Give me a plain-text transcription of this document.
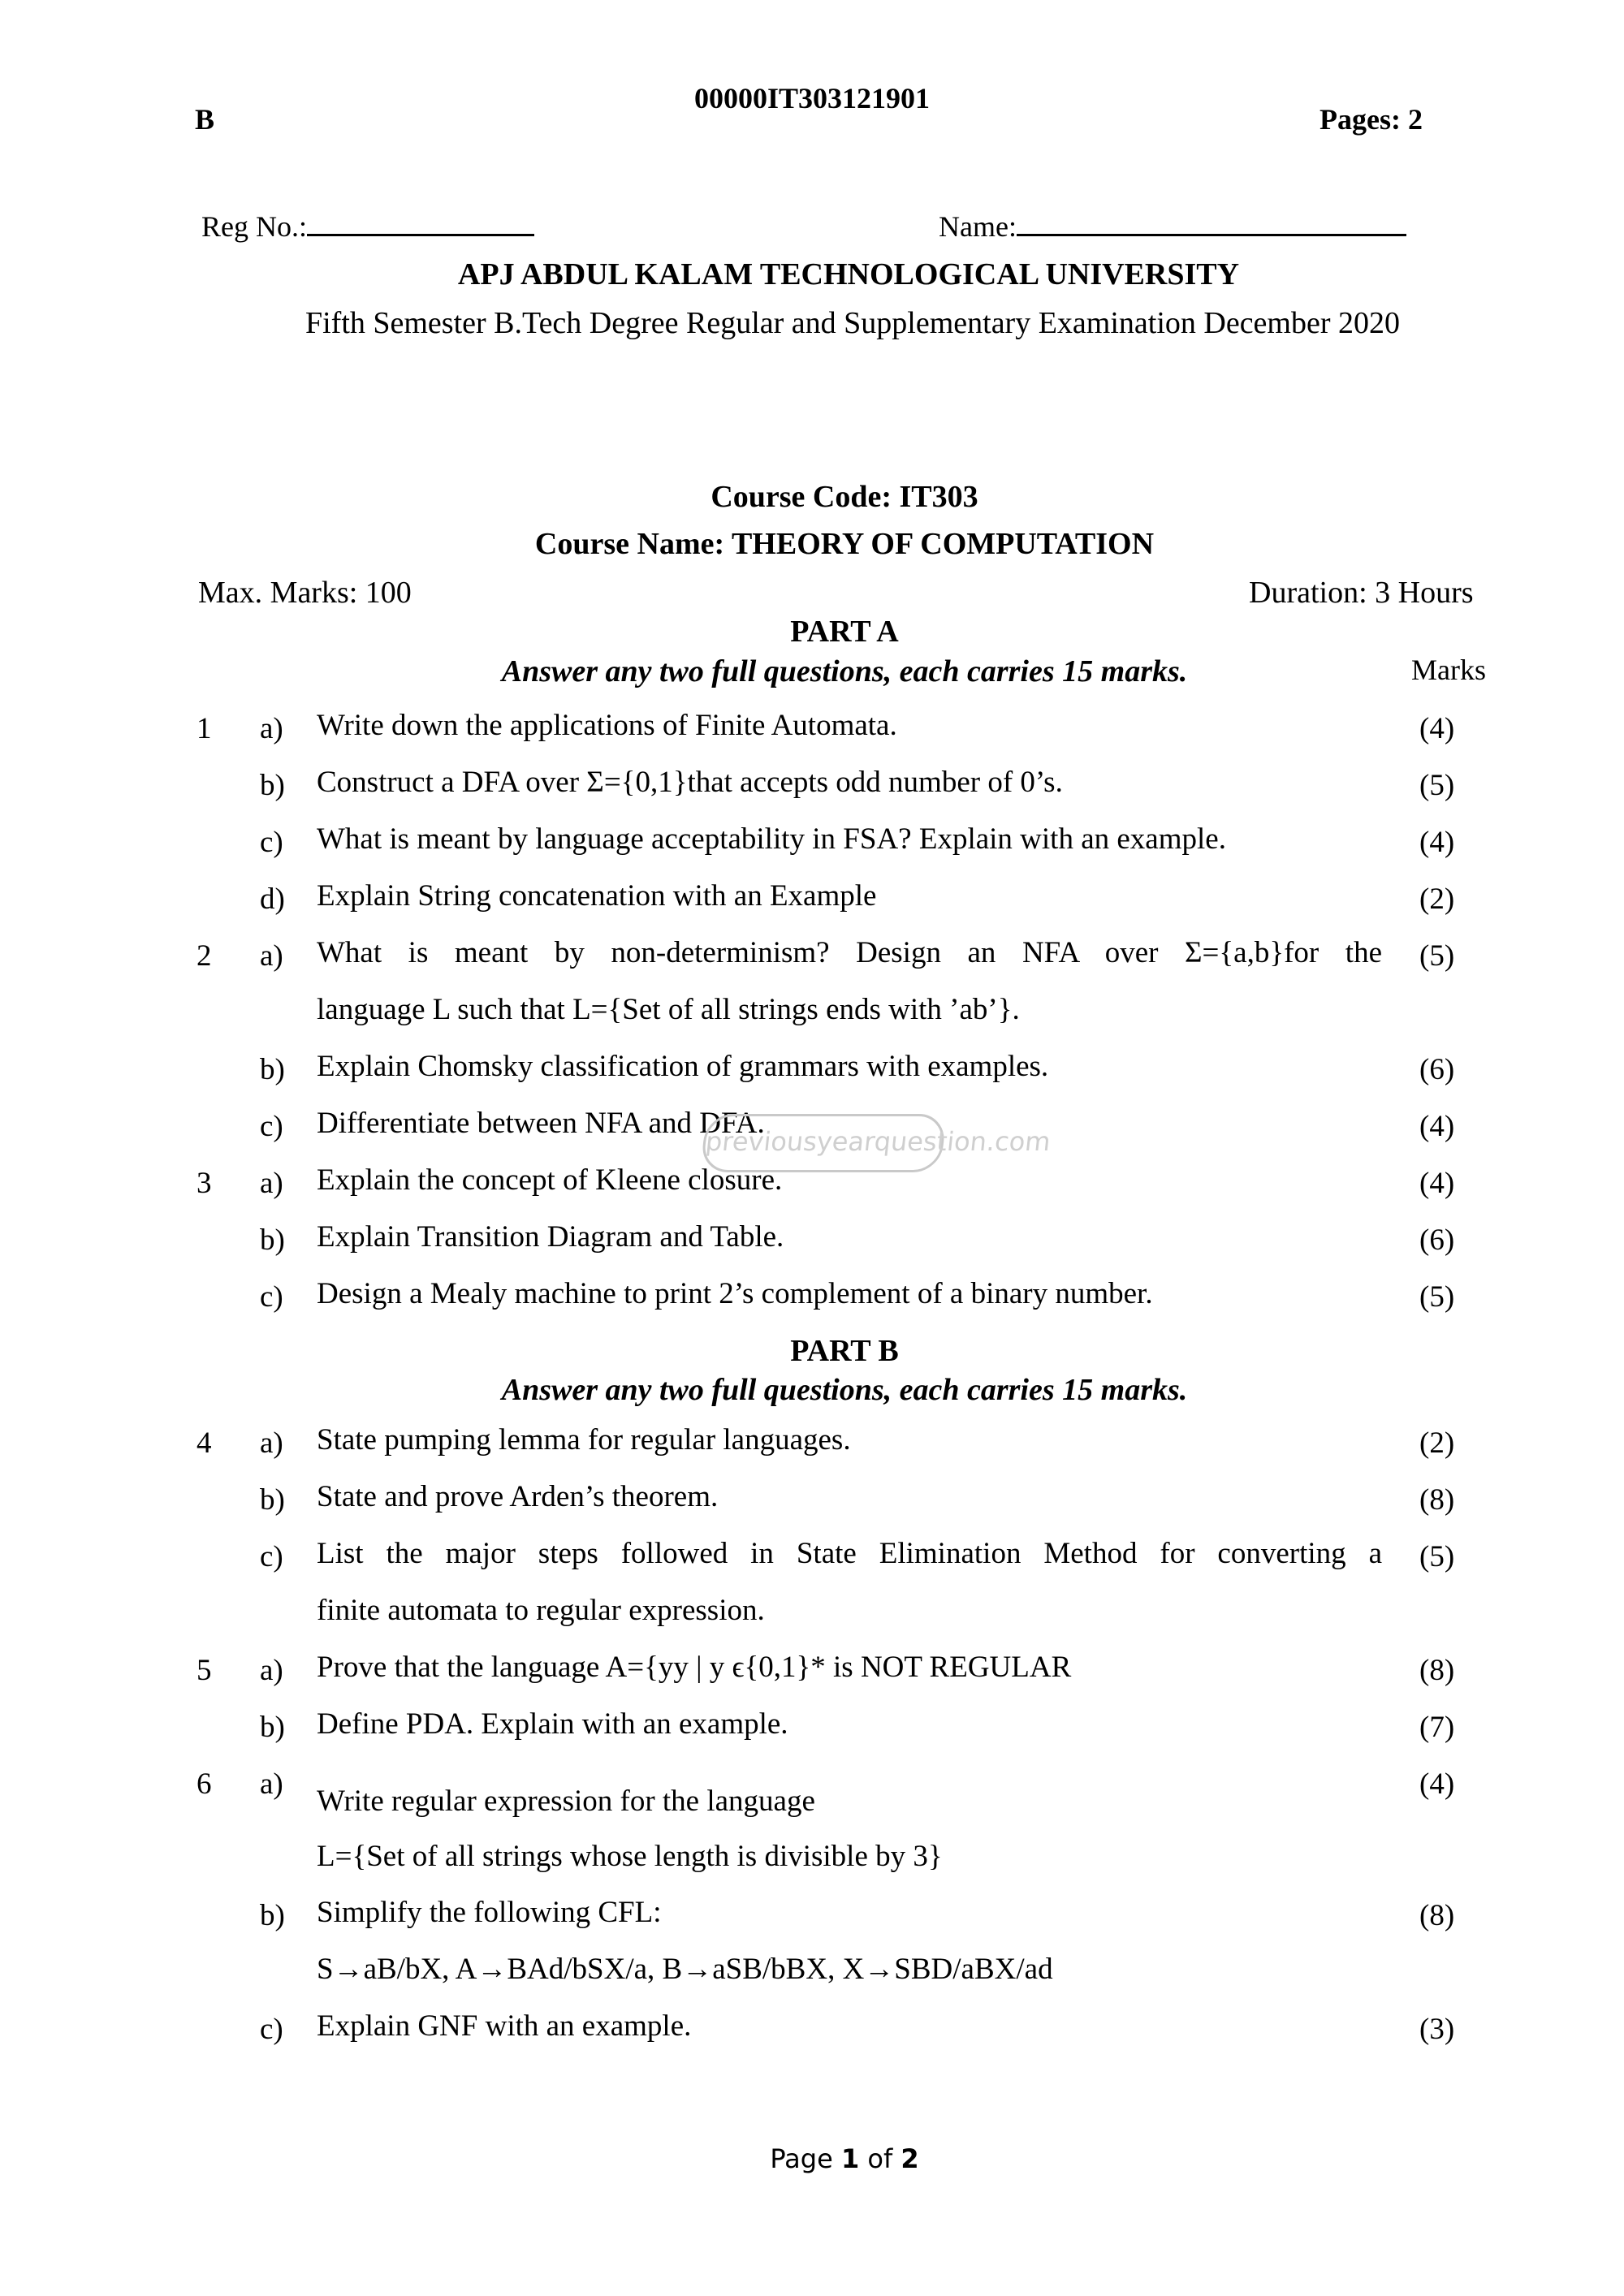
B
00000IT303121901
Pages: 2
Reg No.:	Name:
APJ ABDUL KALAM TECHNOLOGICAL UNIVERSITY
Fifth Semester B.Tech Degree Regular and Supplementary Examination December 2020
Course Code: IT303
Course Name: THEORY OF COMPUTATION
Max. Marks: 100	Duration: 3 Hours
PART A
Answer any two full questions, each carries 15 marks.	Marks
1 a) Write down the applications of Finite Automata.	(4)
b) Construct a DFA over Σ={0,1}that accepts odd number of 0’s.	(5)
c) What is meant by language acceptability in FSA? Explain with an example.	(4)
d) Explain String concatenation with an Example	(2)
2 a) What is meant by non-determinism? Design an NFA over Σ={a,b}for the
language L such that L={Set of all strings ends with ’ab’}.
(5)
b) Explain Chomsky classification of grammars with examples.	(6)
c) Differentiate between NFA and DFA.	(4)
previousyearquestion.com
3 a) Explain the concept of Kleene closure.	(4)
b) Explain Transition Diagram and Table.	(6)
c) Design a Mealy machine to print 2’s complement of a binary number.	(5)
PART B
Answer any two full questions, each carries 15 marks.
4 a) State pumping lemma for regular languages.	(2)
b) State and prove Arden’s theorem.	(8)
c) List the major steps followed in State Elimination Method for converting a
finite automata to regular expression.
(5)
5 a) Prove that the language A={yy | y ϵ{0,1}* is NOT REGULAR	(8)
b) Define PDA. Explain with an example.	(7)
6 a)
Write regular expression for the language
L={Set of all strings whose length is divisible by 3}
(4)
b) Simplify the following CFL:
S→aB/bX, A→BAd/bSX/a, B→aSB/bBX, X→SBD/aBX/ad
(8)
c) Explain GNF with an example.	(3)
Page 1 of 2
